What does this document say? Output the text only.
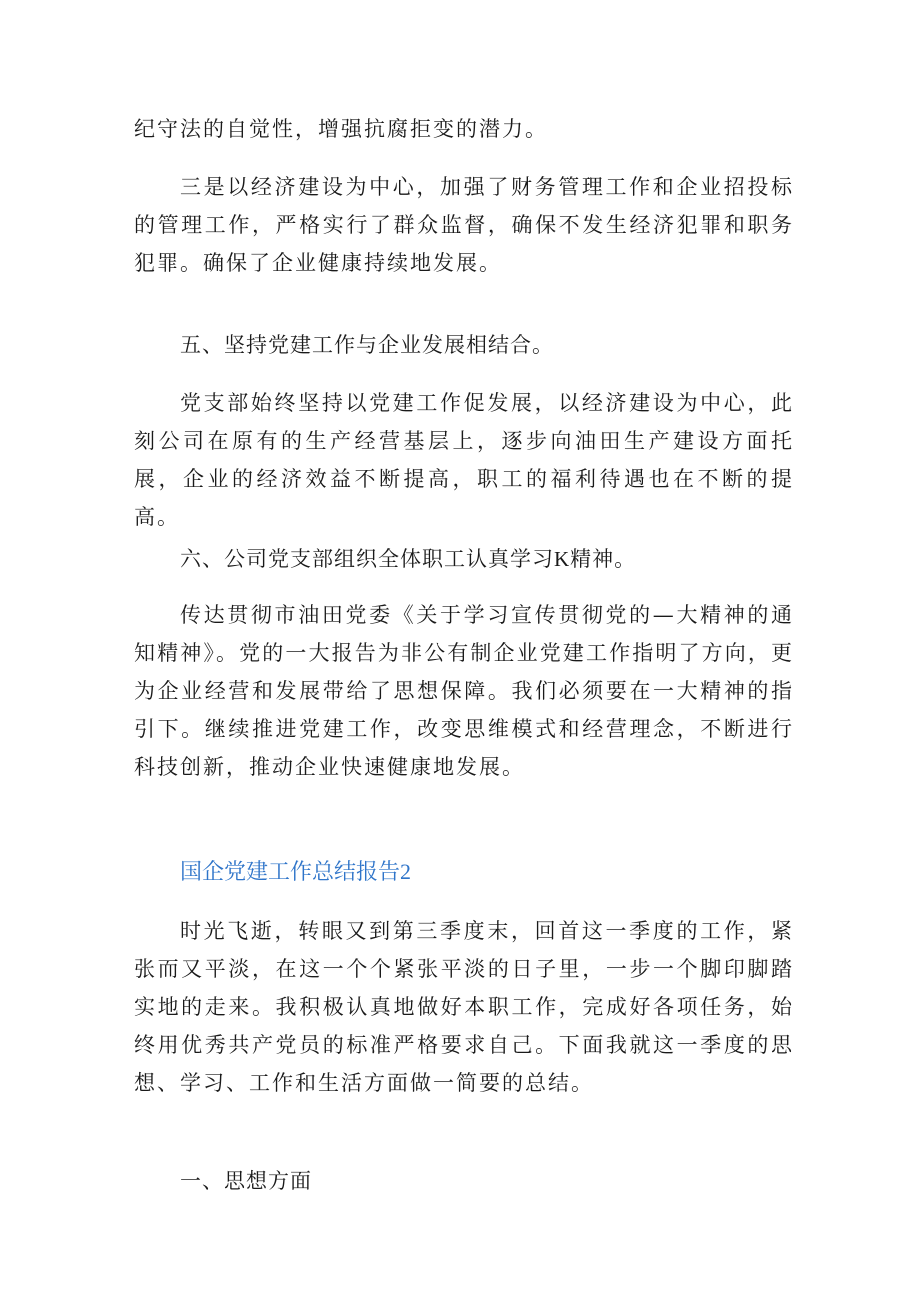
纪守法的自觉性，增强抗腐拒变的潜力。

三是以经济建设为中心，加强了财务管理工作和企业招投标的管理工作，严格实行了群众监督，确保不发生经济犯罪和职务犯罪。确保了企业健康持续地发展。

五、坚持党建工作与企业发展相结合。

党支部始终坚持以党建工作促发展，以经济建设为中心，此刻公司在原有的生产经营基层上，逐步向油田生产建设方面托展，企业的经济效益不断提高，职工的福利待遇也在不断的提高。

六、公司党支部组织全体职工认真学习K精神。

传达贯彻市油田党委《关于学习宣传贯彻党的—大精神的通知精神》。党的一大报告为非公有制企业党建工作指明了方向，更为企业经营和发展带给了思想保障。我们必须要在一大精神的指引下。继续推进党建工作，改变思维模式和经营理念，不断进行科技创新，推动企业快速健康地发展。

国企党建工作总结报告2

时光飞逝，转眼又到第三季度末，回首这一季度的工作，紧张而又平淡，在这一个个紧张平淡的日子里，一步一个脚印脚踏实地的走来。我积极认真地做好本职工作，完成好各项任务，始终用优秀共产党员的标准严格要求自己。下面我就这一季度的思想、学习、工作和生活方面做一简要的总结。

一、思想方面
